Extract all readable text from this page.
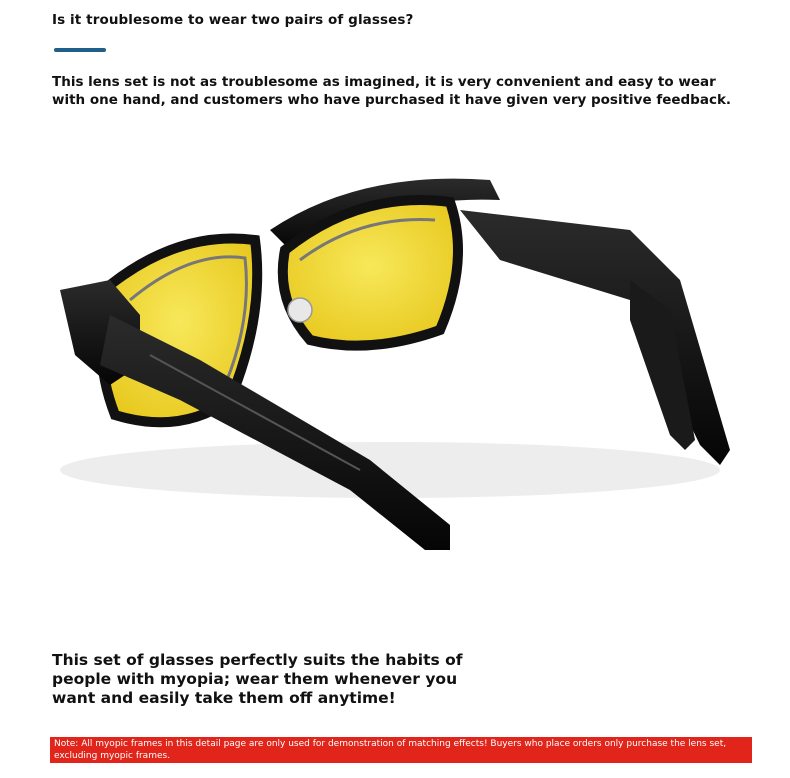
Is it troublesome to wear two pairs of glasses?
This lens set is not as troublesome as imagined, it is very convenient and easy to wear with one hand, and customers who have purchased it have given very positive feedback.
This set of glasses perfectly suits the habits of people with myopia; wear them whenever you want and easily take them off anytime!
Note: All myopic frames in this detail page are only used for demonstration of matching effects! Buyers who place orders only purchase the lens set, excluding myopic frames.
